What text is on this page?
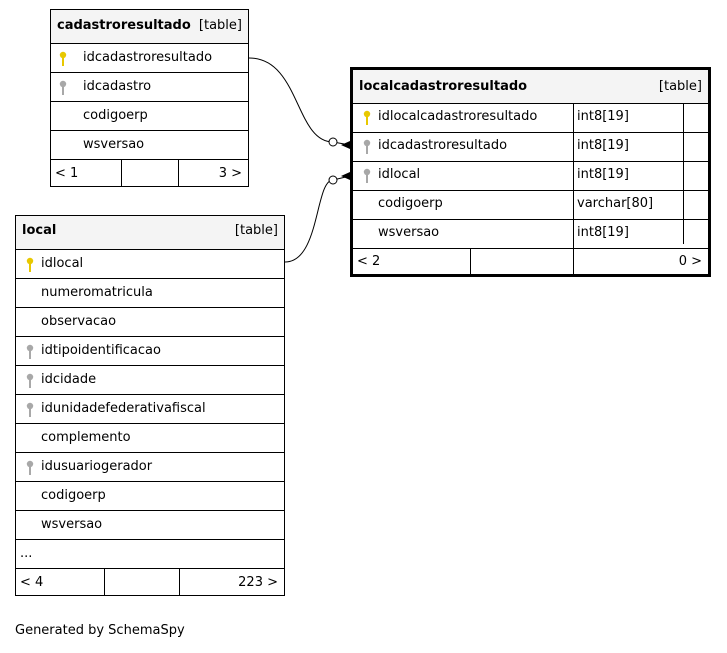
cadastroresultado [table]
idcadastroresultado
idcadastro
codigoerp
wsversao
< 1	3 >
localcadastroresultado	[table]
idlocalcadastroresultado	int8[19]
idcadastroresultado	int8[19]
idlocal	int8[19]
codigoerp	varchar[80]
wsversao	int8[19]
< 2	0 >
local	[table]
idlocal
numeromatricula
observacao
idtipoidentificacao
idcidade
idunidadefederativafiscal
complemento
idusuariogerador
codigoerp
wsversao
...
< 4	223 >
Generated by SchemaSpy
